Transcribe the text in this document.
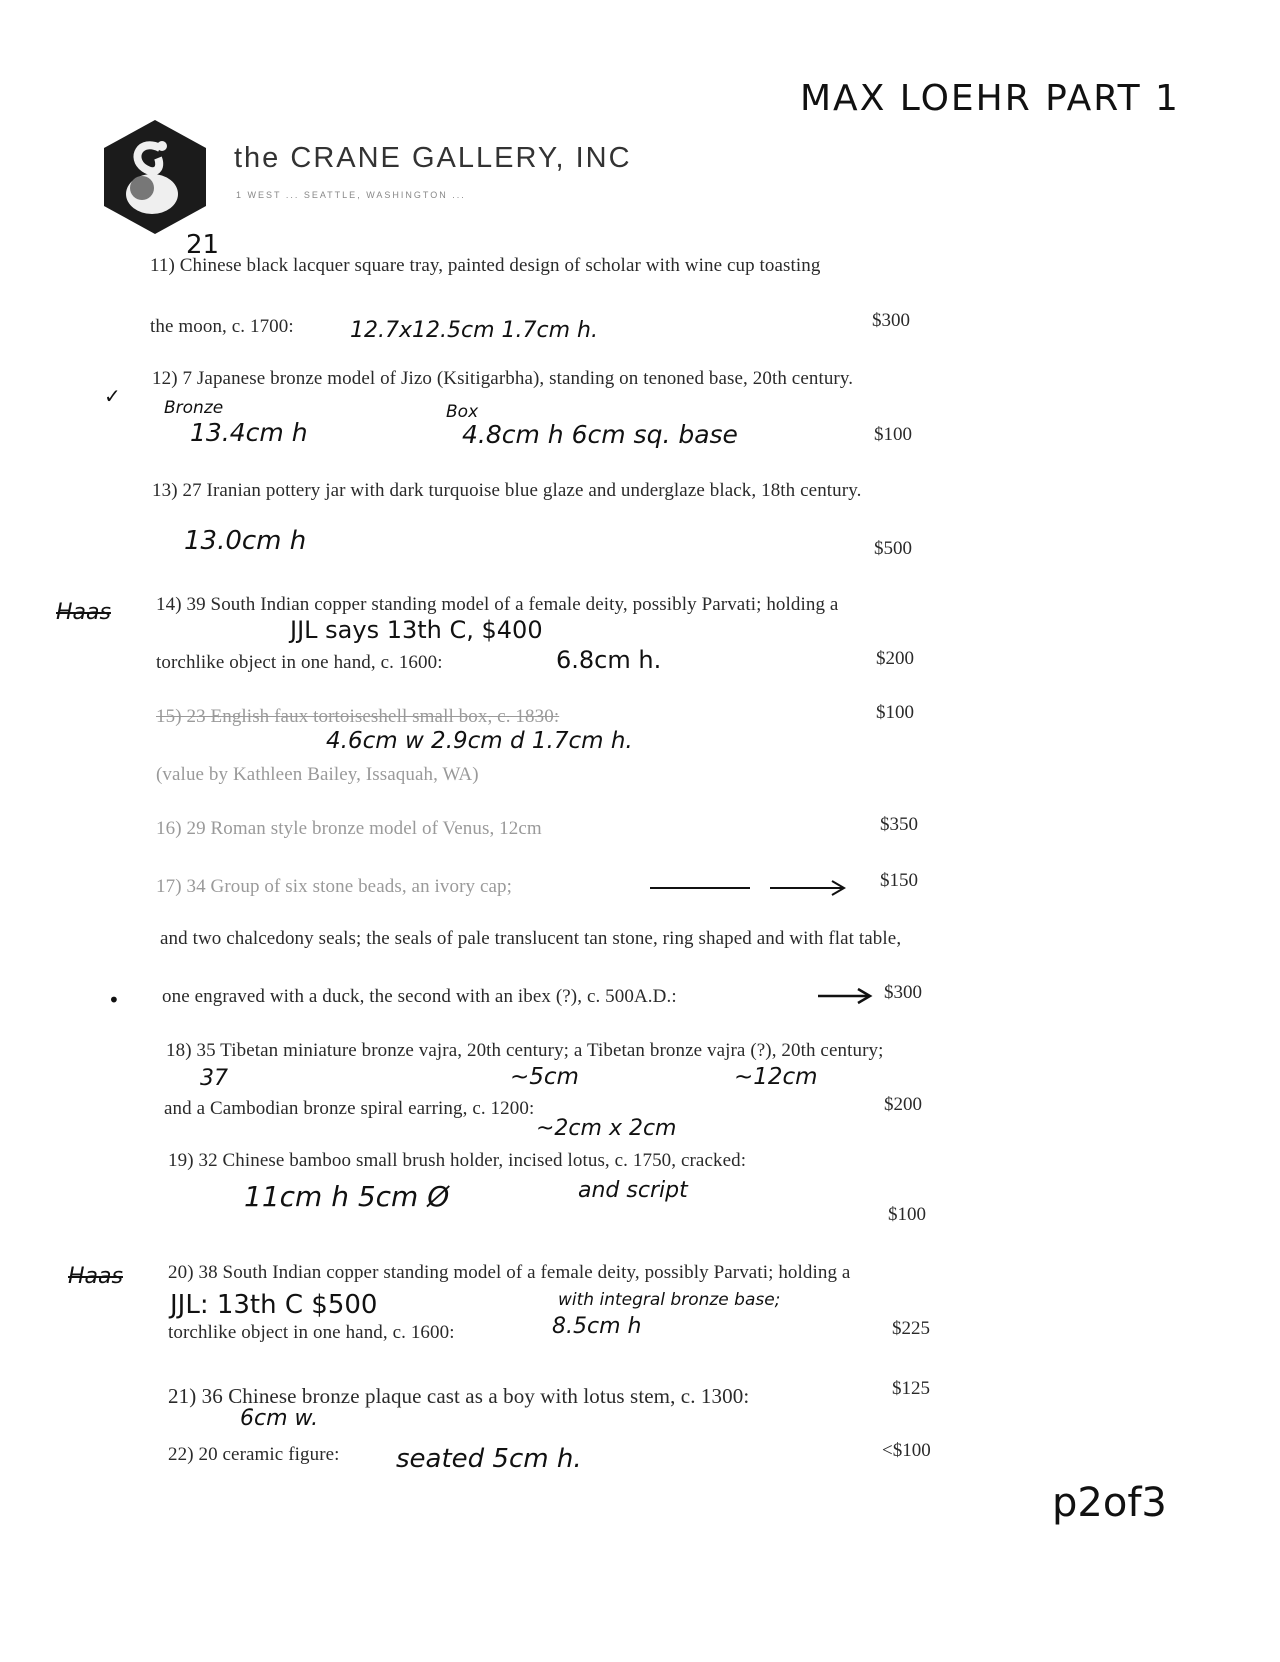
MAX LOEHR PART 1
the CRANE GALLERY, INC
1 WEST ... SEATTLE, WASHINGTON ...
21
11) Chinese black lacquer square tray, painted design of scholar with wine cup toasting
the moon, c. 1700:	12.7x12.5cm 1.7cm h.	$300
✓
12) 7 Japanese bronze model of Jizo (Ksitigarbha), standing on tenoned base, 20th century.
Bronze
13.4cm h
Box
4.8cm h 6cm sq. base	$100
13) 27 Iranian pottery jar with dark turquoise blue glaze and underglaze black, 18th century.
13.0cm h	$500
Haas 14) 39 South Indian copper standing model of a female deity, possibly Parvati; holding a
JJL says 13th C, $400
torchlike object in one hand, c. 1600:	6.8cm h.	$200
15) 23 English faux tortoiseshell small box, c. 1830:
4.6cm w 2.9cm d 1.7cm h.
$100
(value by Kathleen Bailey, Issaquah, WA)
16) 29 Roman style bronze model of Venus, 12cm	$350
17) 34 Group of six stone beads, an ivory cap;	$150
and two chalcedony seals; the seals of pale translucent tan stone, ring shaped and with flat table,
• one engraved with a duck, the second with an ibex (?), c. 500A.D.:	$300
18) 35 Tibetan miniature bronze vajra, 20th century; a Tibetan bronze vajra (?), 20th century;
37	~5cm	~12cm
and a Cambodian bronze spiral earring, c. 1200:
~2cm x 2cm
$200
19) 32 Chinese bamboo small brush holder, incised lotus, c. 1750, cracked:
11cm h 5cm Ø	and script
$100
Haas 20) 38 South Indian copper standing model of a female deity, possibly Parvati; holding a
JJL: 13th C $500	with integral bronze base;
torchlike object in one hand, c. 1600:	8.5cm h	$225
21) 36 Chinese bronze plaque cast as a boy with lotus stem, c. 1300:
6cm w.
$125
22) 20 ceramic figure: seated 5cm h.	<$100
p2of3
